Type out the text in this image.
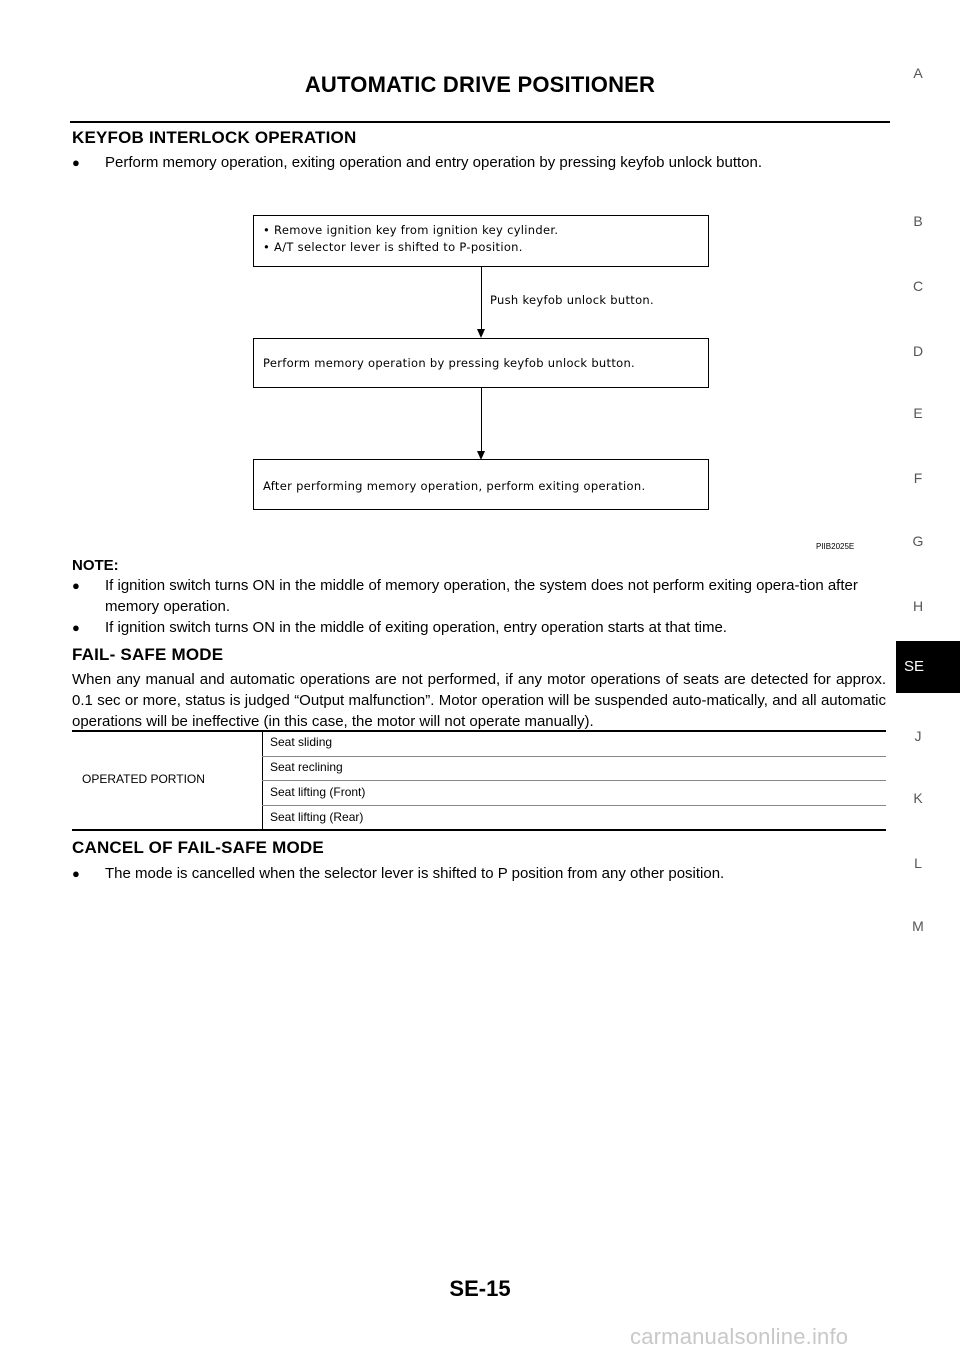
AUTOMATIC DRIVE POSITIONER
KEYFOB INTERLOCK OPERATION
● Perform memory operation, exiting operation and entry operation by pressing keyfob unlock button.
• Remove ignition key from ignition key cylinder.
• A/T selector lever is shifted to P-position.
Push keyfob unlock button.
Perform memory operation by pressing keyfob unlock button.
After performing memory operation, perform exiting operation.
PIIB2025E
NOTE:
● If ignition switch turns ON in the middle of memory operation, the system does not perform exiting opera-tion after memory operation.
● If ignition switch turns ON in the middle of exiting operation, entry operation starts at that time.
FAIL- SAFE MODE
When any manual and automatic operations are not performed, if any motor operations of seats are detected for approx. 0.1 sec or more, status is judged “Output malfunction”. Motor operation will be suspended auto-matically, and all automatic operations will be ineffective (in this case, the motor will not operate manually).
OPERATED PORTION
Seat sliding
Seat reclining
Seat lifting (Front)
Seat lifting (Rear)
CANCEL OF FAIL-SAFE MODE
● The mode is cancelled when the selector lever is shifted to P position from any other position.
A
B
C
D
E
F
G
H
SE
J
K
L
M
SE-15
carmanualsonline.info
